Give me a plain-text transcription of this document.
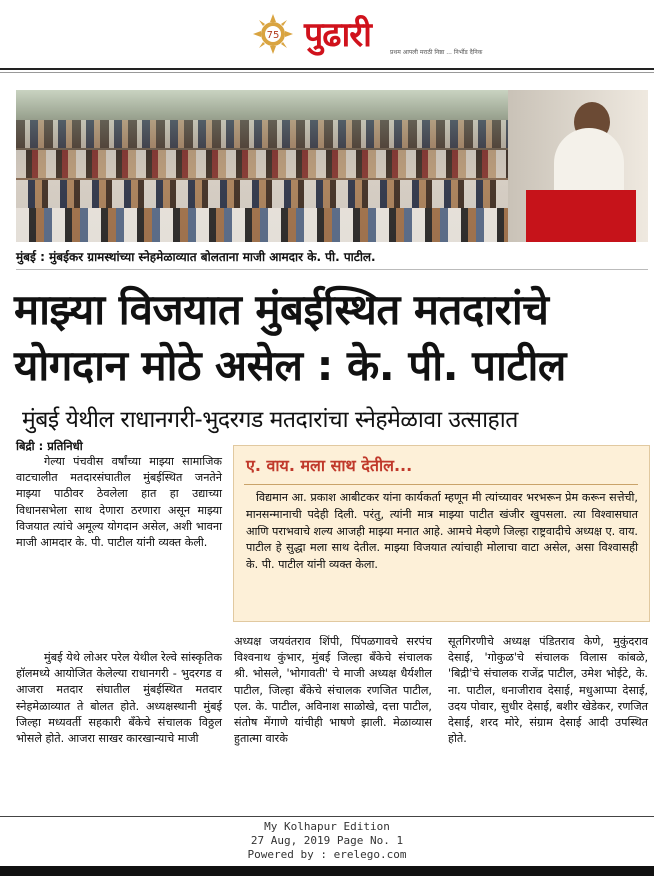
75 पुढारी	प्रथम आपली मराठी निष्ठा ... निर्भीड दैनिक
मुंबई : मुंबईकर ग्रामस्थांच्या स्नेहमेळाव्यात बोलताना माजी आमदार के. पी. पाटील.
माझ्या विजयात मुंबईस्थित मतदारांचे
योगदान मोठे असेल : के. पी. पाटील
मुंबई येथील राधानगरी-भुदरगड मतदारांचा स्नेहमेळावा उत्साहात
बिद्री : प्रतिनिधी

गेल्या पंचवीस वर्षांच्या माझ्या सामाजिक वाटचालीत मतदारसंघातील मुंबईस्थित जनतेने माझ्या पाठीवर ठेवलेला हात हा उद्याच्या विधानसभेला साथ देणारा ठरणारा असून माझ्या विजयात त्यांचे अमूल्य योगदान असेल, अशी भावना माजी आमदार के. पी. पाटील यांनी व्यक्त केली.

मुंबई येथे लोअर परेल येथील रेल्वे सांस्कृतिक हॉलमध्ये आयोजित केलेल्या राधानगरी - भुदरगड व आजरा मतदार संघातील मुंबईस्थित मतदार स्नेहमेळाव्यात ते बोलत होते. अध्यक्षस्थानी मुंबई जिल्हा मध्यवर्ती सहकारी बँकेचे संचालक विठ्ठल भोसले होते. आजरा साखर कारखान्याचे माजी

अध्यक्ष जयवंतराव शिंपी, पिंपळगावचे सरपंच विश्वनाथ कुंभार, मुंबई जिल्हा बँकेचे संचालक श्री. भोसले, 'भोगावती' चे माजी अध्यक्ष धैर्यशील पाटील, जिल्हा बँकेचे संचालक रणजित पाटील, एल. के. पाटील, अविनाश साळोखे, दत्ता पाटील, संतोष मेंगाणे यांचीही भाषणे झाली. मेळाव्यास हुतात्मा वारके

सूतगिरणीचे अध्यक्ष पंडितराव केणे, मुकुंदराव देसाई, 'गोकुळ'चे संचालक विलास कांबळे, 'बिद्री'चे संचालक राजेंद्र पाटील, उमेश भोईटे, के. ना. पाटील, धनाजीराव देसाई, मधुआप्पा देसाई, उदय पोवार, सुधीर देसाई, बशीर खेडेकर, रणजित देसाई, शरद मोरे, संग्राम देसाई आदी उपस्थित होते.

ए. वाय. मला साथ देतील...
विद्यमान आ. प्रकाश आबीटकर यांना कार्यकर्ता म्हणून मी त्यांच्यावर भरभरून प्रेम करून सत्तेची, मानसन्मानाची पदेही दिली. परंतु, त्यांनी मात्र माझ्या पाटीत खंजीर खुपसला. त्या विश्वासघात आणि पराभवाचे शल्य आजही माझ्या मनात आहे. आमचे मेव्हणे जिल्हा राष्ट्रवादीचे अध्यक्ष ए. वाय. पाटील हे सुद्धा मला साथ देतील. माझ्या विजयात त्यांचाही मोलाचा वाटा असेल, असा विश्वासही के. पी. पाटील यांनी व्यक्त केला.
My Kolhapur Edition
27 Aug, 2019 Page No. 1
Powered by : erelego.com
